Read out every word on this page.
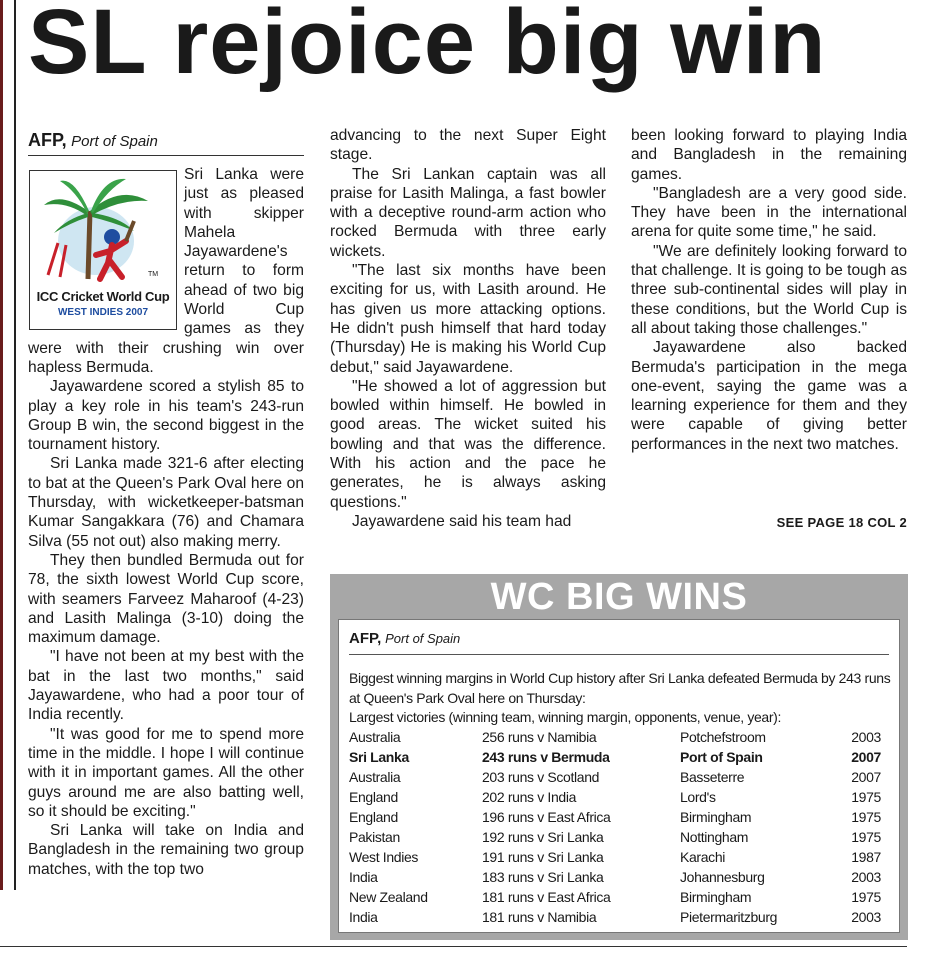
SL rejoice big win
AFP, Port of Spain
TM
ICC Cricket World Cup
WEST INDIES 2007

Sri Lanka were just as pleased with skipper Mahela Jayawardene's return to form ahead of two big World Cup games as they were with their crushing win over hapless Bermuda.

Jayawardene scored a stylish 85 to play a key role in his team's 243-run Group B win, the second biggest in the tournament history.

Sri Lanka made 321-6 after electing to bat at the Queen's Park Oval here on Thursday, with wicketkeeper-batsman Kumar Sangakkara (76) and Chamara Silva (55 not out) also making merry.

They then bundled Bermuda out for 78, the sixth lowest World Cup score, with seamers Farveez Maharoof (4-23) and Lasith Malinga (3-10) doing the maximum damage.

"I have not been at my best with the bat in the last two months," said Jayawardene, who had a poor tour of India recently.

"It was good for me to spend more time in the middle. I hope I will continue with it in important games. All the other guys around me are also batting well, so it should be exciting."

Sri Lanka will take on India and Bangladesh in the remaining two group matches, with the top two

advancing to the next Super Eight stage.

The Sri Lankan captain was all praise for Lasith Malinga, a fast bowler with a deceptive round-arm action who rocked Bermuda with three early wickets.

"The last six months have been exciting for us, with Lasith around. He has given us more attacking options. He didn't push himself that hard today (Thursday) He is making his World Cup debut," said Jayawardene.

"He showed a lot of aggression but bowled within himself. He bowled in good areas. The wicket suited his bowling and that was the difference. With his action and the pace he generates, he is always asking questions."

Jayawardene said his team had

been looking forward to playing India and Bangladesh in the remaining games.

"Bangladesh are a very good side. They have been in the international arena for quite some time," he said.

"We are definitely looking forward to that challenge. It is going to be tough as three sub-continental sides will play in these conditions, but the World Cup is all about taking those challenges."

Jayawardene also backed Bermuda's participation in the mega one-event, saying the game was a learning experience for them and they were capable of giving better performances in the next two matches.

SEE PAGE 18 COL 2
WC BIG WINS
AFP, Port of Spain
Biggest winning margins in World Cup history after Sri Lanka defeated Bermuda by 243 runs at Queen's Park Oval here on Thursday:
Largest victories (winning team, winning margin, opponents, venue, year):
Australia	256 runs v Namibia	Potchefstroom	2003
Sri Lanka	243 runs v Bermuda	Port of Spain	2007
Australia	203 runs v Scotland	Basseterre	2007
England	202 runs v India	Lord's	1975
England	196 runs v East Africa	Birmingham	1975
Pakistan	192 runs v Sri Lanka	Nottingham	1975
West Indies	191 runs v Sri Lanka	Karachi	1987
India	183 runs v Sri Lanka	Johannesburg	2003
New Zealand	181 runs v East Africa	Birmingham	1975
India	181 runs v Namibia	Pietermaritzburg	2003
